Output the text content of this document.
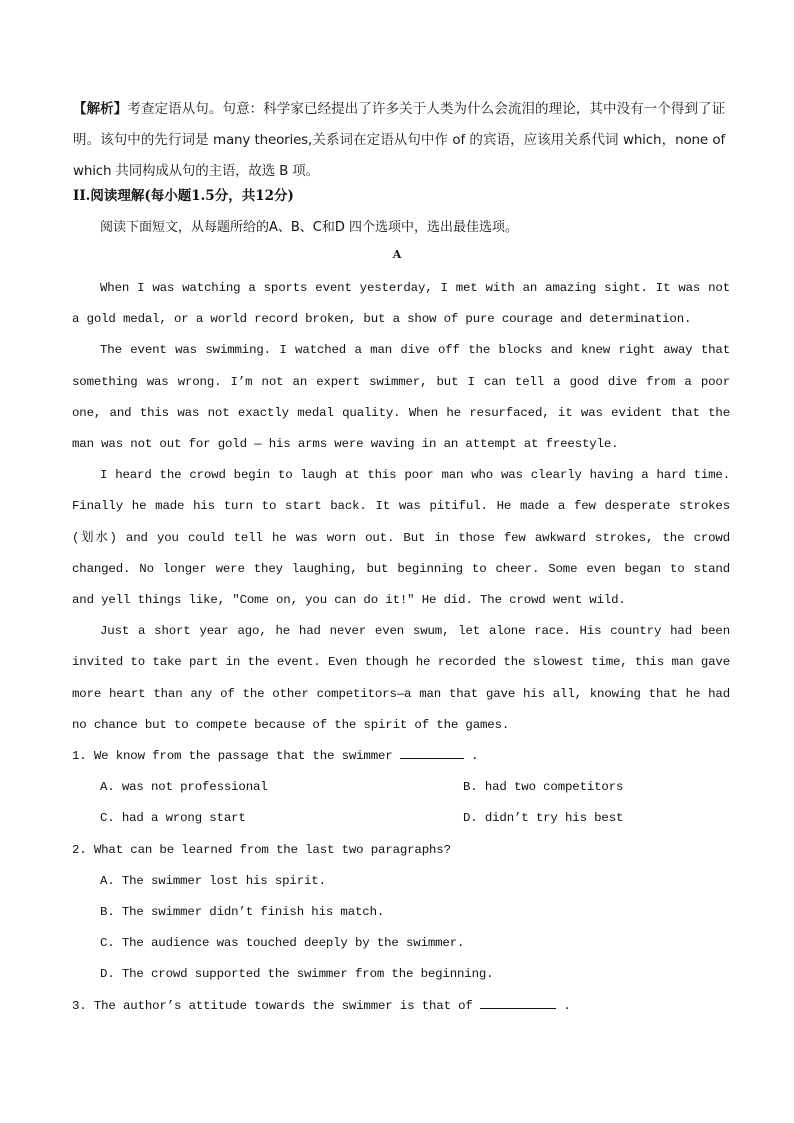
【解析】考查定语从句。句意：科学家已经提出了许多关于人类为什么会流泪的理论，其中没有一个得到了证明。该句中的先行词是 many theories,关系词在定语从句中作 of 的宾语，应该用关系代词 which，none of which 共同构成从句的主语，故选 B 项。
II.阅读理解(每小题1.5分，共12分)
阅读下面短文，从每题所给的A、B、C和D 四个选项中，选出最佳选项。
A

When I was watching a sports event yesterday, I met with an amazing sight. It was not a gold medal, or a world record broken, but a show of pure courage and determination.

The event was swimming. I watched a man dive off the blocks and knew right away that something was wrong. I’m not an expert swimmer, but I can tell a good dive from a poor one, and this was not exactly medal quality. When he resurfaced, it was evident that the man was not out for gold — his arms were waving in an attempt at freestyle.

I heard the crowd begin to laugh at this poor man who was clearly having a hard time. Finally he made his turn to start back. It was pitiful. He made a few desperate strokes (划水) and you could tell he was worn out. But in those few awkward strokes, the crowd changed. No longer were they laughing, but beginning to cheer. Some even began to stand and yell things like, "Come on, you can do it!" He did. The crowd went wild.

Just a short year ago, he had never even swum, let alone race. His country had been invited to take part in the event. Even though he recorded the slowest time, this man gave more heart than any of the other competitors—a man that gave his all, knowing that he had no chance but to compete because of the spirit of the games.

1. We know from the passage that the swimmer	.
A. was not professional	B. had two competitors
C. had a wrong start	D. didn’t try his best
2. What can be learned from the last two paragraphs?
A. The swimmer lost his spirit.
B. The swimmer didn’t finish his match.
C. The audience was touched deeply by the swimmer.
D. The crowd supported the swimmer from the beginning.
3. The author’s attitude towards the swimmer is that of	.
